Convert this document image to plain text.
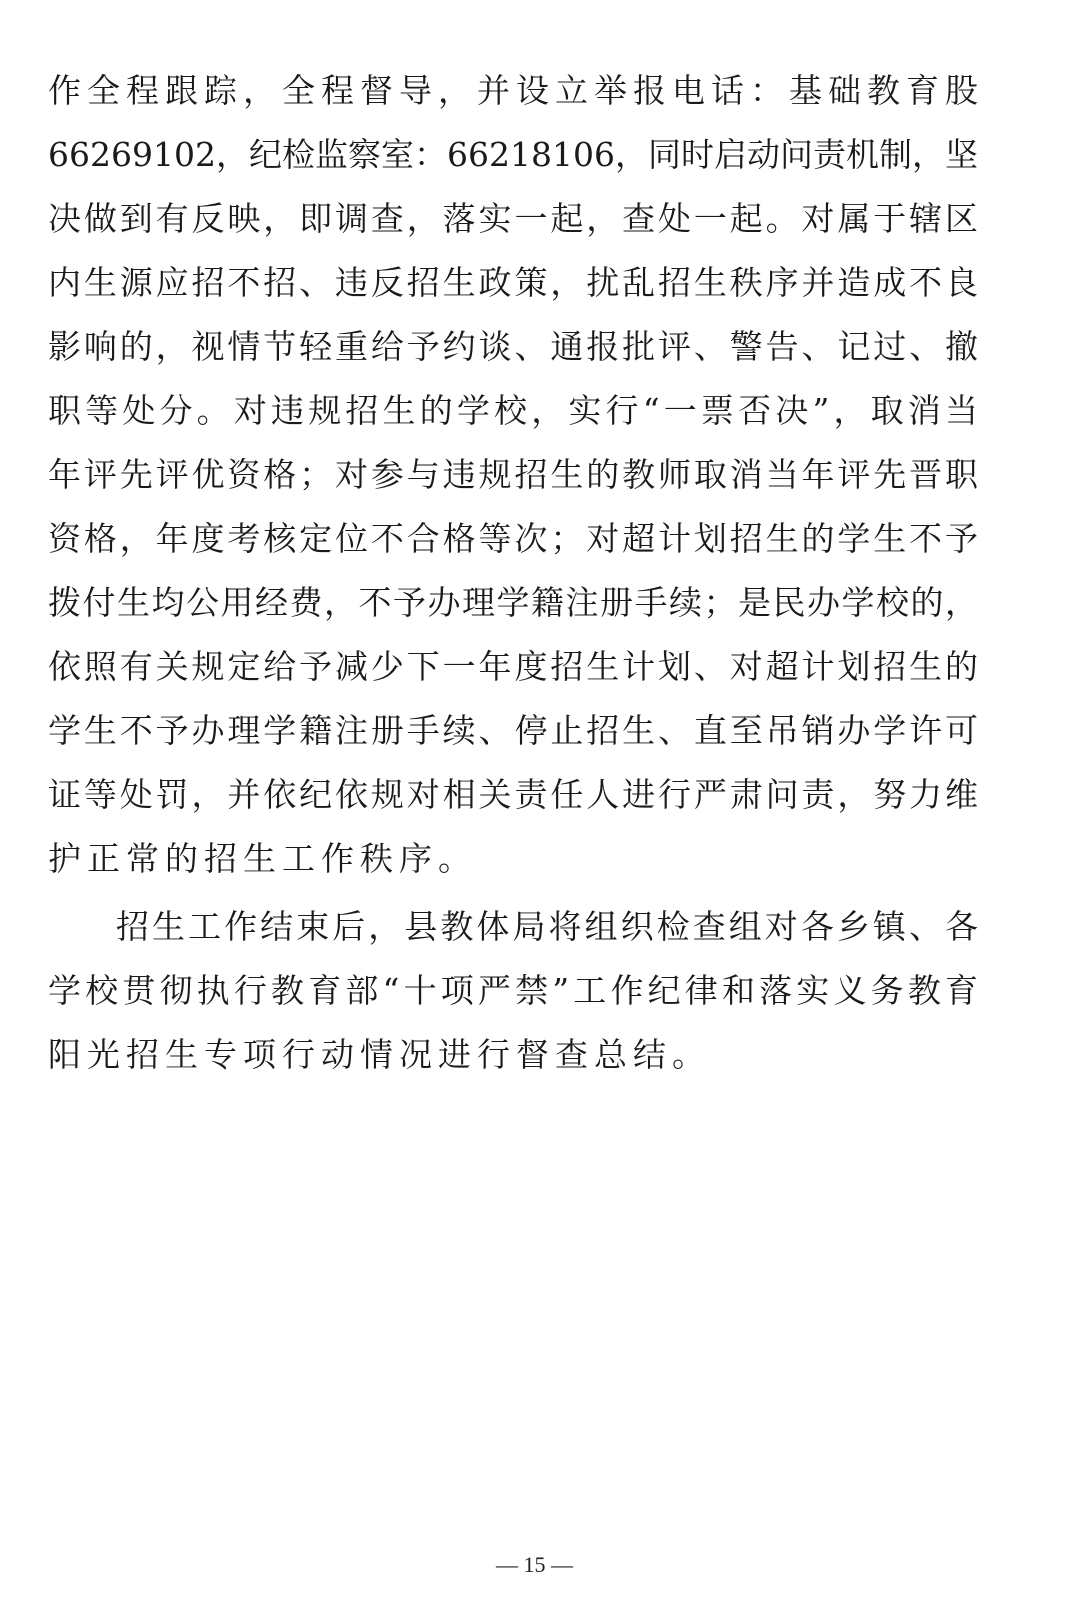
作全程跟踪，全程督导，并设立举报电话：基础教育股
66269102，纪检监察室：66218106，同时启动问责机制，坚
决做到有反映，即调查，落实一起，查处一起。对属于辖区
内生源应招不招、违反招生政策，扰乱招生秩序并造成不良
影响的，视情节轻重给予约谈、通报批评、警告、记过、撤
职等处分。对违规招生的学校，实行“一票否决”，取消当
年评先评优资格；对参与违规招生的教师取消当年评先晋职
资格，年度考核定位不合格等次；对超计划招生的学生不予
拨付生均公用经费，不予办理学籍注册手续；是民办学校的，
依照有关规定给予减少下一年度招生计划、对超计划招生的
学生不予办理学籍注册手续、停止招生、直至吊销办学许可
证等处罚，并依纪依规对相关责任人进行严肃问责，努力维
护正常的招生工作秩序。
招生工作结束后，县教体局将组织检查组对各乡镇、各
学校贯彻执行教育部“十项严禁”工作纪律和落实义务教育
阳光招生专项行动情况进行督查总结。
— 15 —
